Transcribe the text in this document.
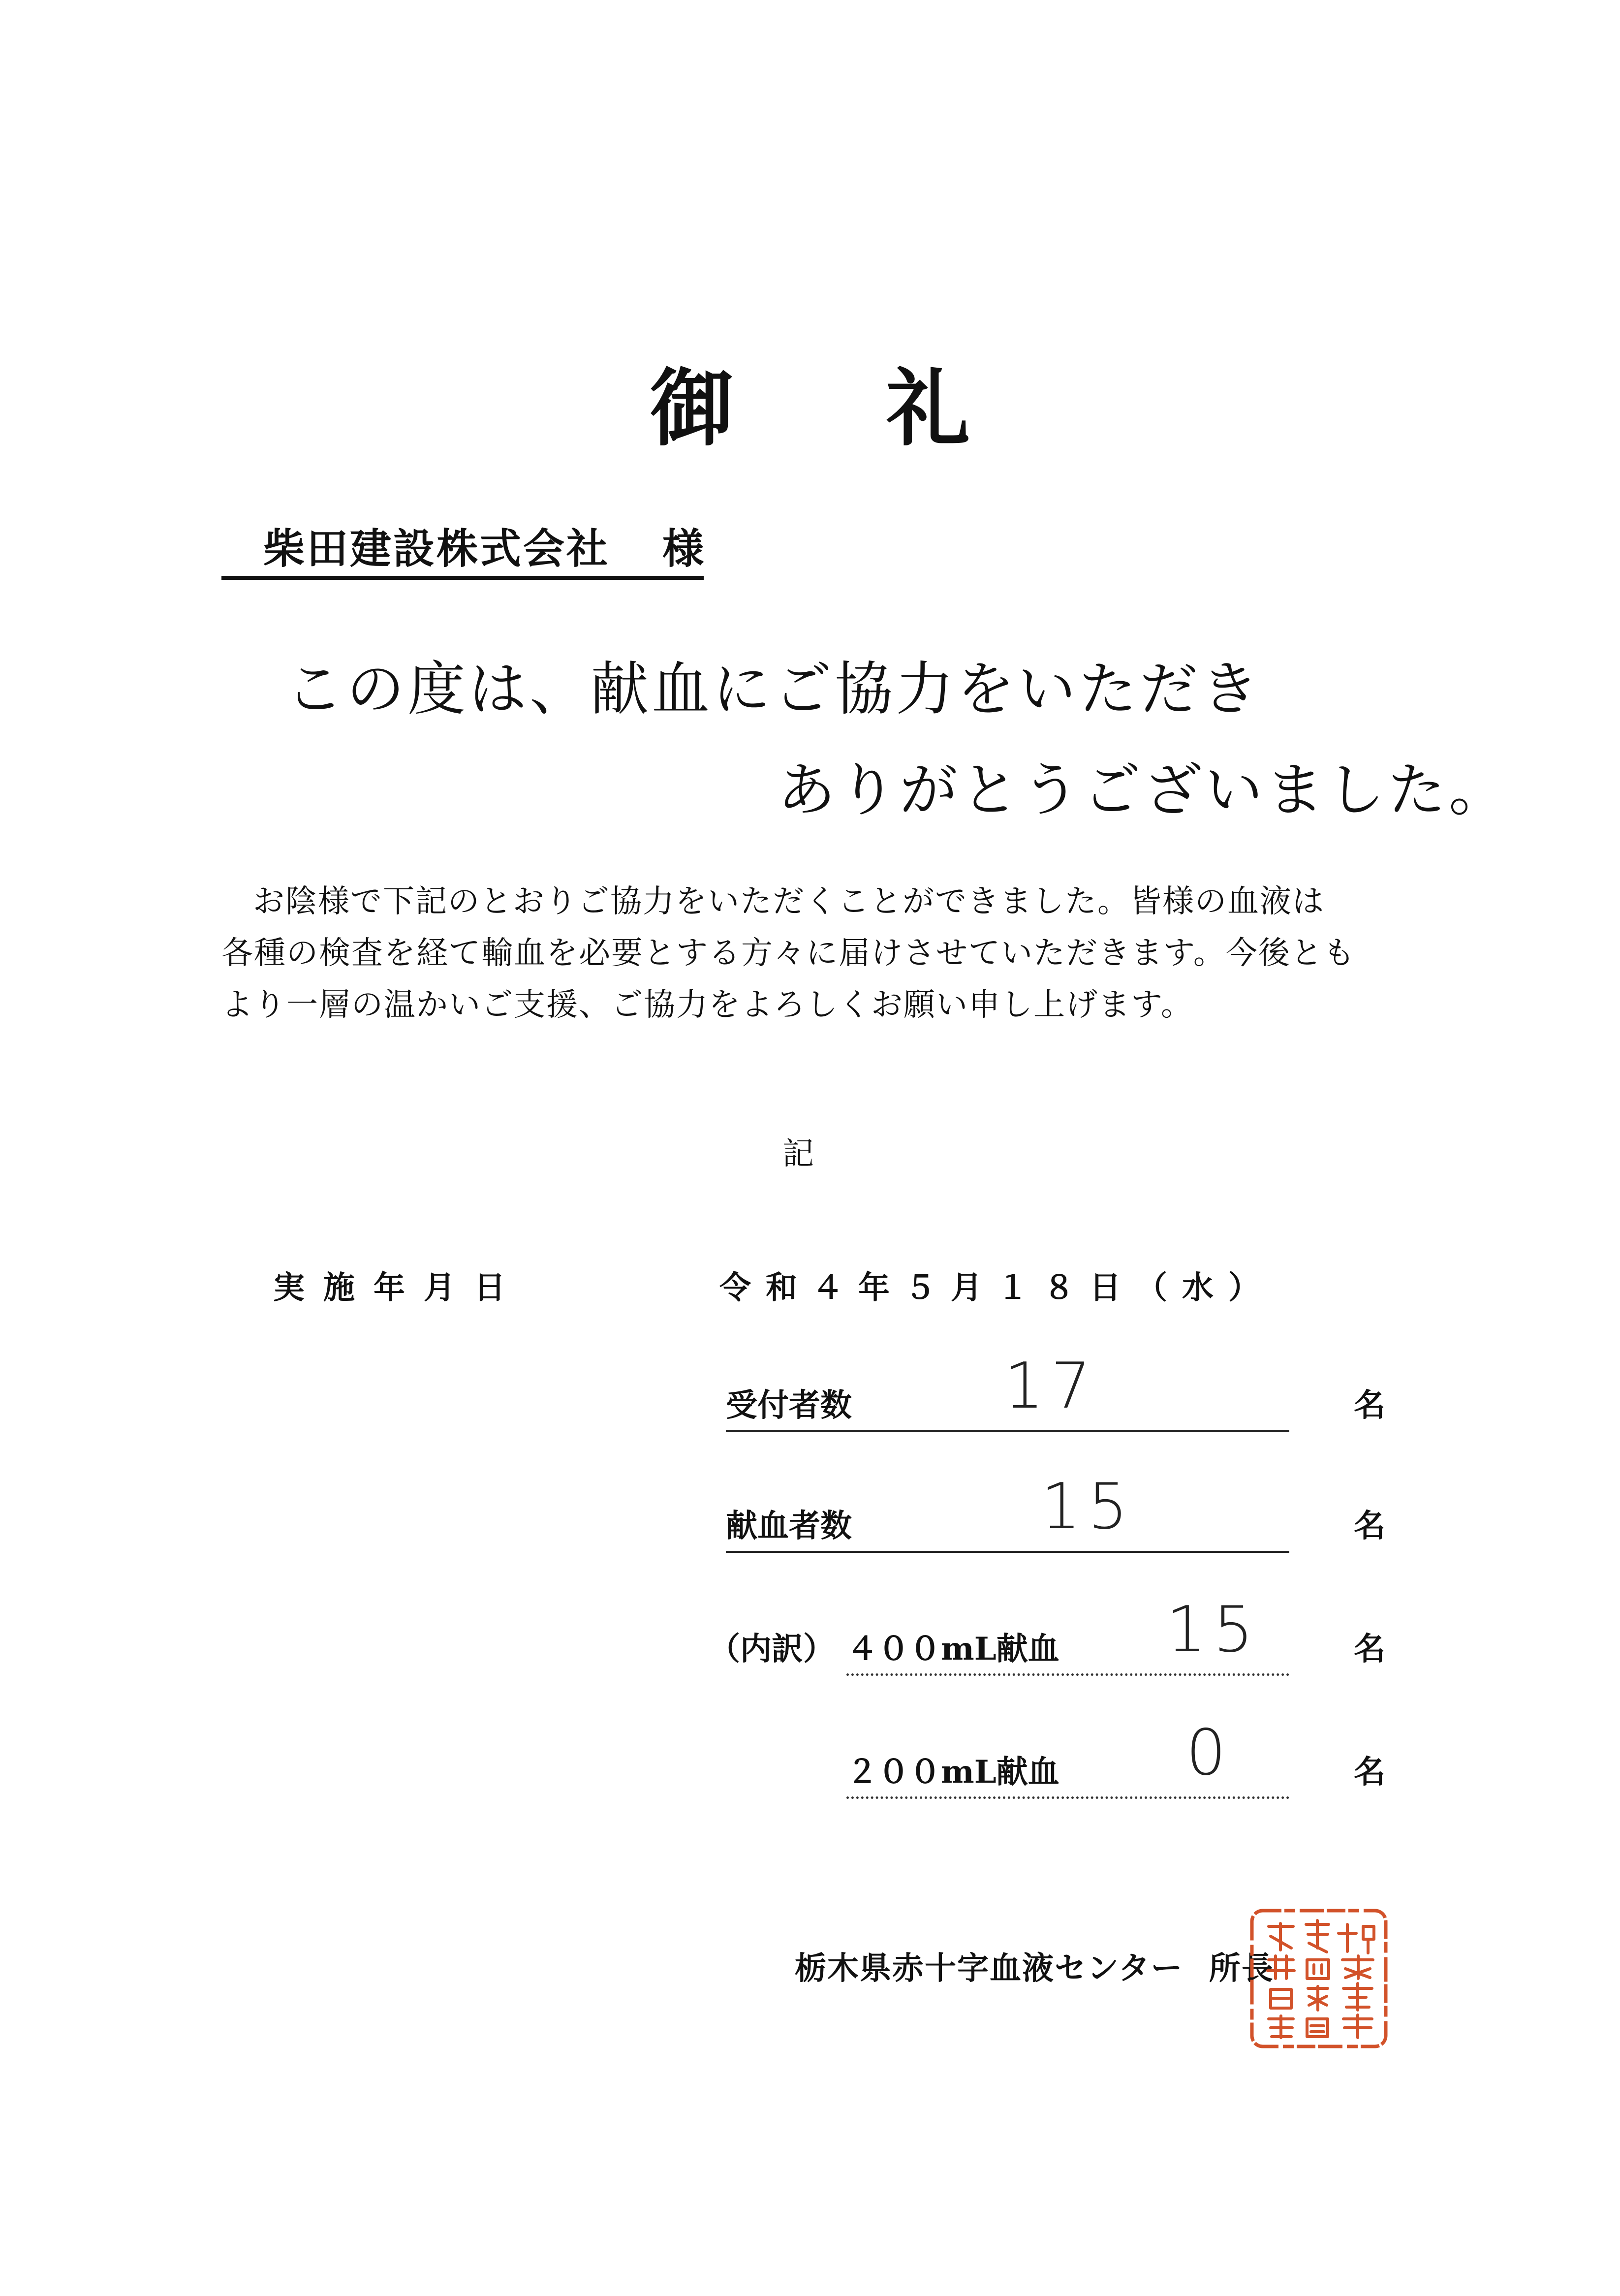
御礼
柴田建設株式会社 様
この度は、献血にご協力をいただき
ありがとうございました。

お陰様で下記のとおりご協力をいただくことができました。皆様の血液は

各種の検査を経て輸血を必要とする方々に届けさせていただきます。今後とも

より一層の温かいご支援、ご協力をよろしくお願い申し上げます。

記
実施年月日	令和４年５月１８日（水）
受付者数 17	名
献血者数	15	名
（内訳） ４００mL献血 15	名
２００mL献血 0	名
栃木県赤十字血液センター 所長
